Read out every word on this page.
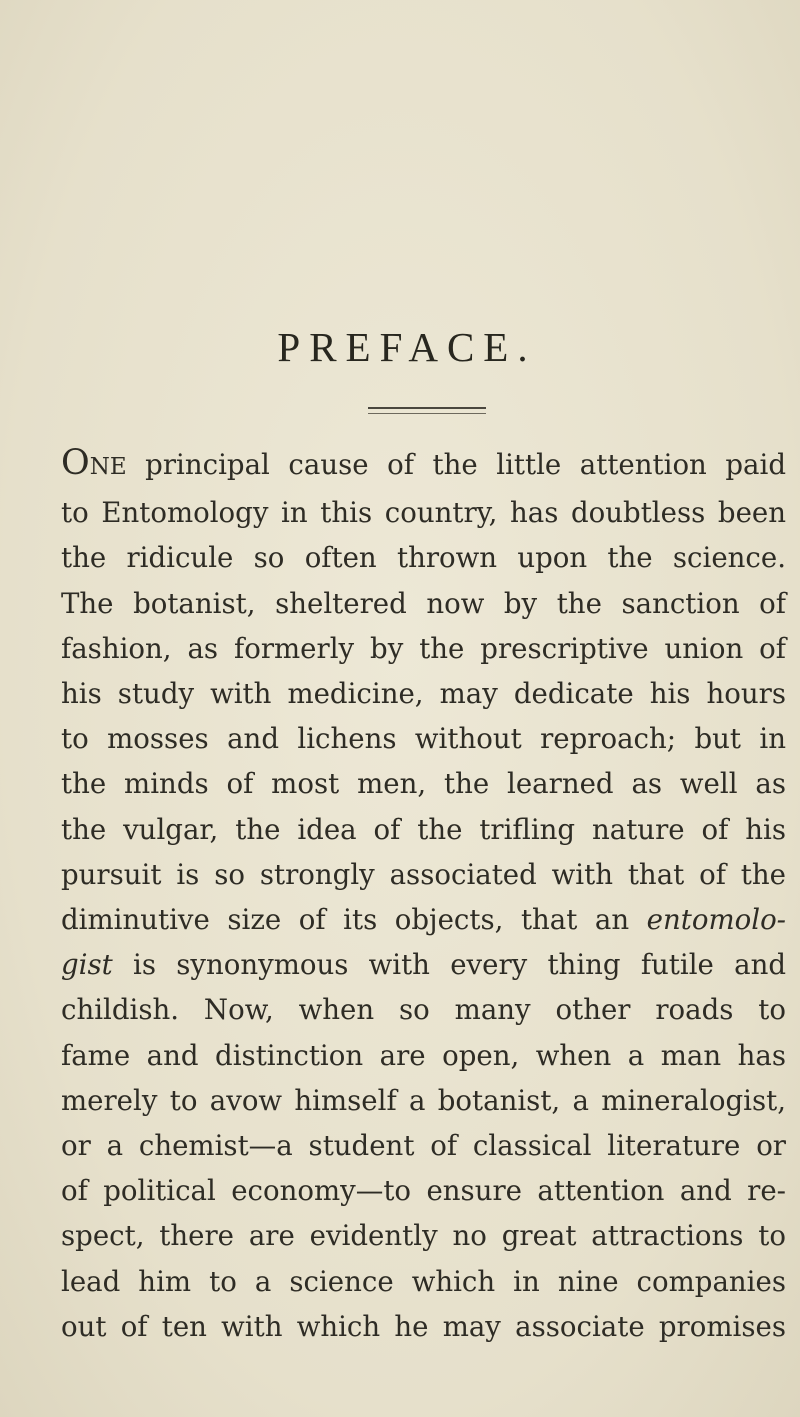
PREFACE.
ONE principal cause of the little attention paid
to Entomology in this country, has doubtless been
the ridicule so often thrown upon the science.
The botanist, sheltered now by the sanction of
fashion, as formerly by the prescriptive union of
his study with medicine, may dedicate his hours
to mosses and lichens without reproach; but in
the minds of most men, the learned as well as
the vulgar, the idea of the trifling nature of his
pursuit is so strongly associated with that of the
diminutive size of its objects, that an entomolo-
gist is synonymous with every thing futile and
childish. Now, when so many other roads to
fame and distinction are open, when a man has
merely to avow himself a botanist, a mineralogist,
or a chemist—a student of classical literature or
of political economy—to ensure attention and re-
spect, there are evidently no great attractions to
lead him to a science which in nine companies
out of ten with which he may associate promises
